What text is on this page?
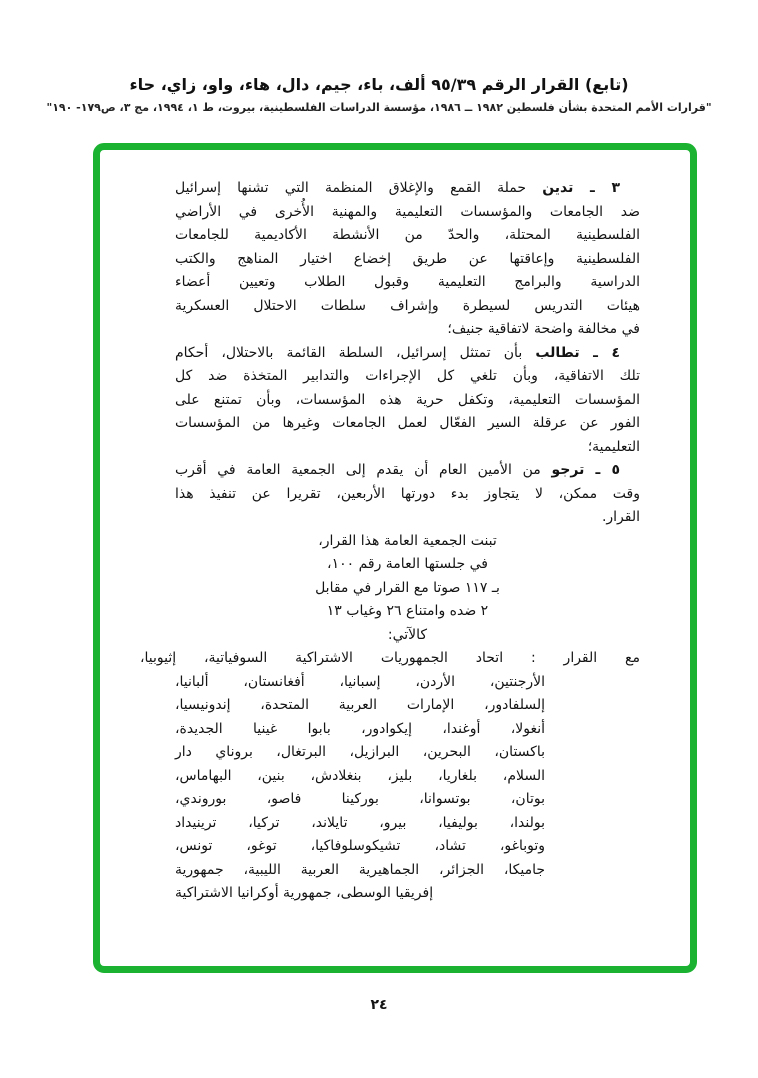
(تابع) القرار الرقم ٩٥/٣٩ ألف، باء، جيم، دال، هاء، واو، زاي، حاء
"قرارات الأمم المتحدة بشأن فلسطين ١٩٨٢ ــ ١٩٨٦، مؤسسة الدراسات الفلسطينية، بيروت، ط ١، ١٩٩٤، مج ٣، ص١٧٩- ١٩٠"
٣ ـ تدين حملة القمع والإغلاق المنظمة التي تشنها إسرائيل
ضد الجامعات والمؤسسات التعليمية والمهنية الأُخرى في الأراضي
الفلسطينية المحتلة، والحدّ من الأنشطة الأكاديمية للجامعات
الفلسطينية وإعاقتها عن طريق إخضاع اختيار المناهج والكتب
الدراسية والبرامج التعليمية وقبول الطلاب وتعيين أعضاء
هيئات التدريس لسيطرة وإشراف سلطات الاحتلال العسكرية
في مخالفة واضحة لاتفاقية جنيف؛
٤ ـ تطالب بأن تمتثل إسرائيل، السلطة القائمة بالاحتلال، أحكام
تلك الاتفاقية، وبأن تلغي كل الإجراءات والتدابير المتخذة ضد كل
المؤسسات التعليمية، وتكفل حرية هذه المؤسسات، وبأن تمتنع على
الفور عن عرقلة السير الفعّال لعمل الجامعات وغيرها من المؤسسات
التعليمية؛
٥ ـ ترجو من الأمين العام أن يقدم إلى الجمعية العامة في أقرب
وقت ممكن، لا يتجاوز بدء دورتها الأربعين، تقريرا عن تنفيذ هذا
القرار.
تبنت الجمعية العامة هذا القرار،
في جلستها العامة رقم ١٠٠،
بـ ١١٧ صوتا مع القرار في مقابل
٢ ضده وامتناع ٢٦ وغياب ١٣
كالآتي:
مع القرار : اتحاد الجمهوريات الاشتراكية السوفياتية، إثيوبيا،
الأرجنتين، الأردن، إسبانيا، أفغانستان، ألبانيا،
إلسلفادور، الإمارات العربية المتحدة، إندونيسيا،
أنغولا، أوغندا، إيكوادور، بابوا غينيا الجديدة،
باكستان، البحرين، البرازيل، البرتغال، بروناي دار
السلام، بلغاريا، بليز، بنغلادش، بنين، البهاماس،
بوتان، بوتسوانا، بوركينا فاصو، بوروندي،
بولندا، بوليفيا، بيرو، تايلاند، تركيا، ترينيداد
وتوباغو، تشاد، تشيكوسلوفاكيا، توغو، تونس،
جاميكا، الجزائر، الجماهيرية العربية الليبية، جمهورية
إفريقيا الوسطى، جمهورية أوكرانيا الاشتراكية
٢٤
